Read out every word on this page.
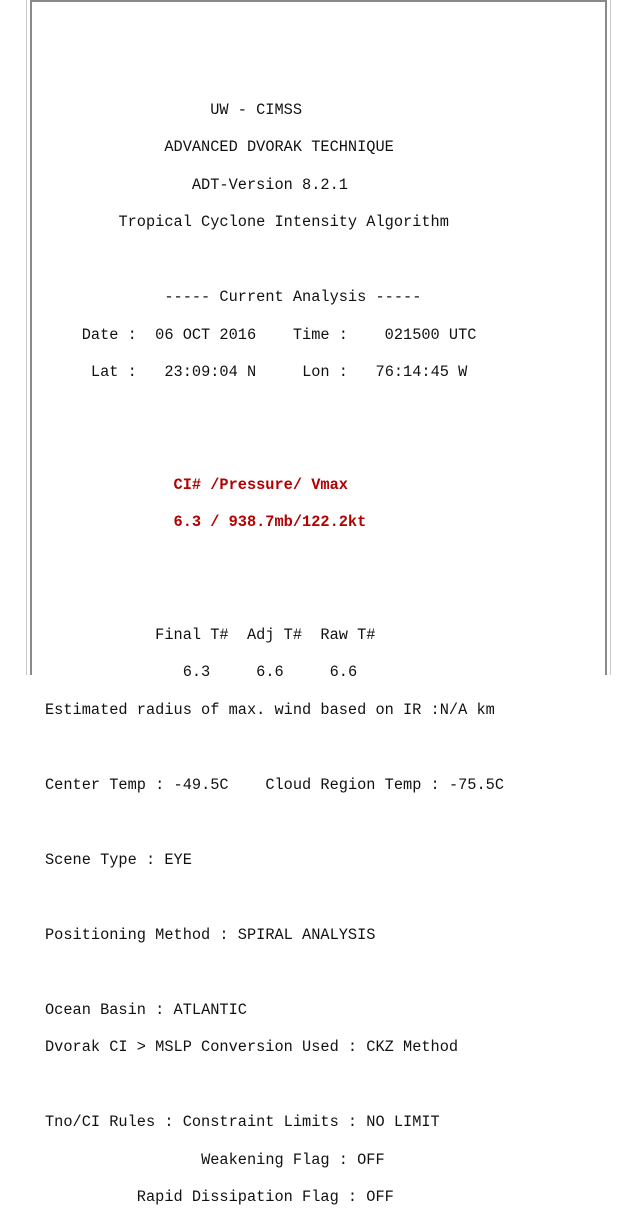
UW - CIMSS

ADVANCED DVORAK TECHNIQUE

ADT-Version 8.2.1

Tropical Cyclone Intensity Algorithm

----- Current Analysis -----

Date : 06 OCT 2016 Time : 021500 UTC

Lat : 23:09:04 N	Lon : 76:14:45 W

CI# /Pressure/ Vmax

6.3 / 938.7mb/122.2kt

Final T# Adj T# Raw T#

6.3	6.6	6.6

Estimated radius of max. wind based on IR :N/A km

Center Temp : -49.5C Cloud Region Temp : -75.5C

Scene Type : EYE

Positioning Method : SPIRAL ANALYSIS

Ocean Basin : ATLANTIC

Dvorak CI > MSLP Conversion Used : CKZ Method

Tno/CI Rules : Constraint Limits : NO LIMIT

Weakening Flag : OFF

Rapid Dissipation Flag : OFF
